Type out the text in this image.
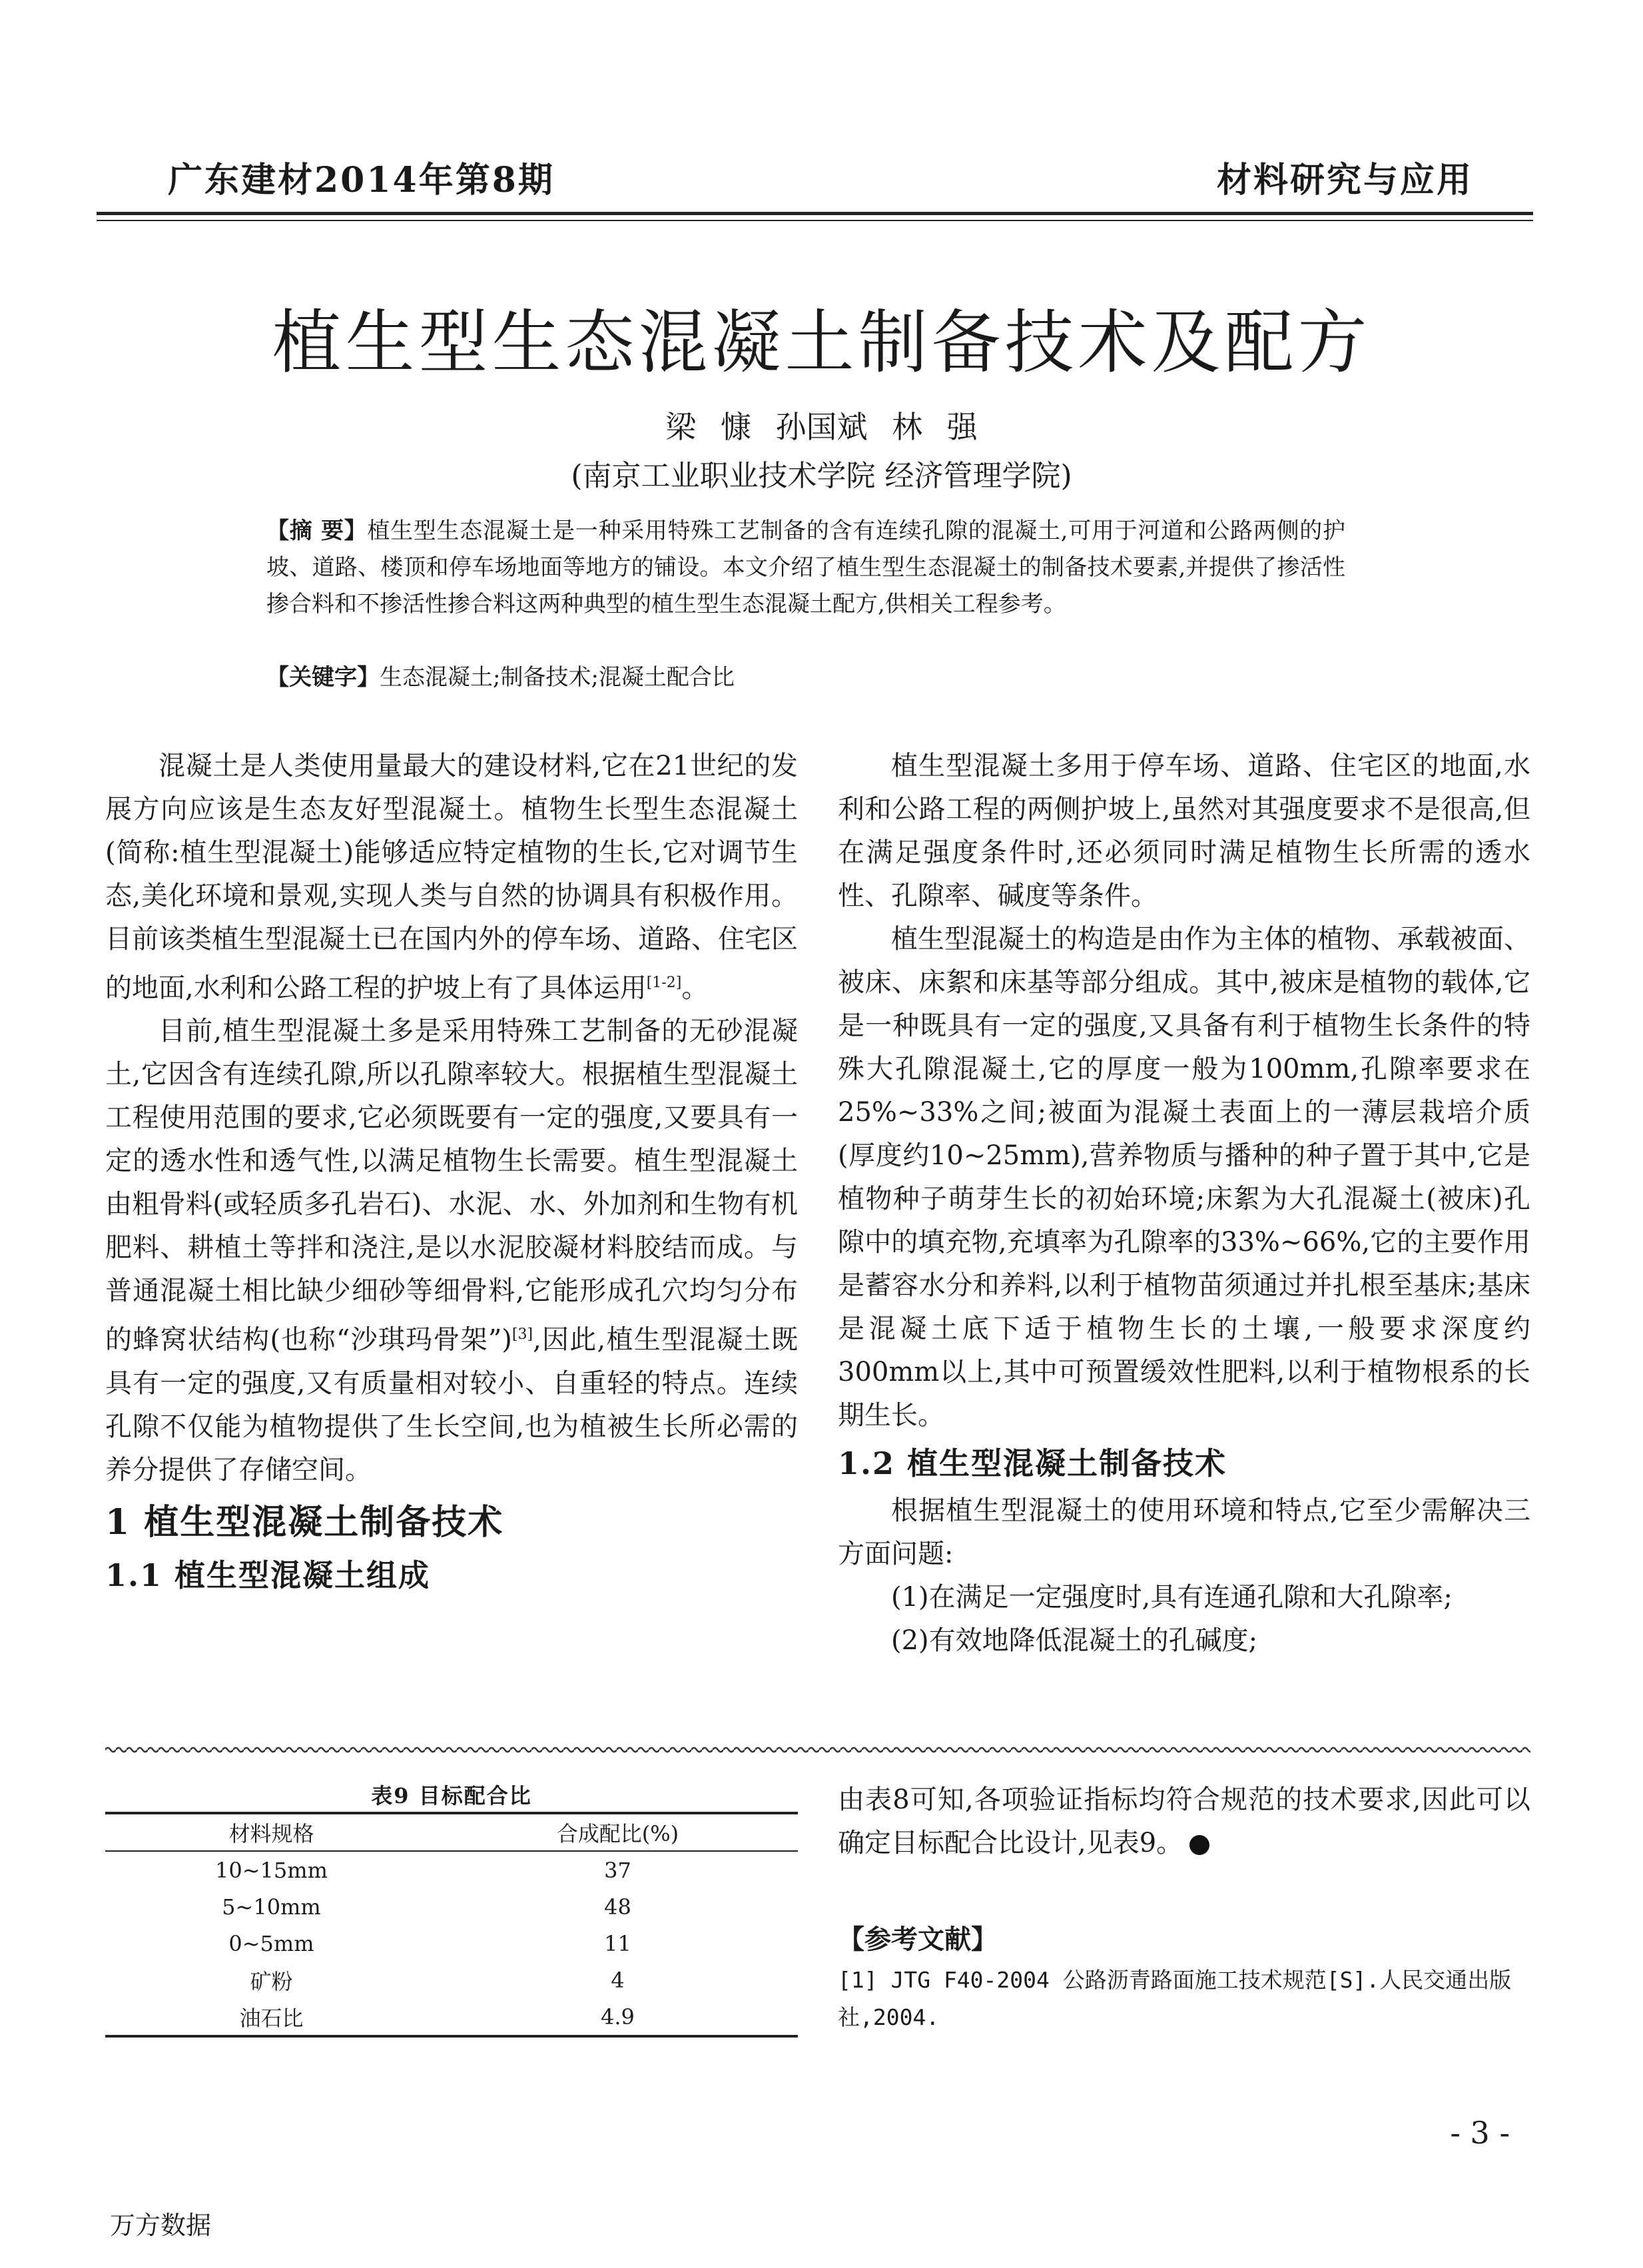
广东建材2014年第8期	材料研究与应用
植生型生态混凝土制备技术及配方
梁 慷 孙国斌 林 强
(南京工业职业技术学院 经济管理学院)
【摘 要】植生型生态混凝土是一种采用特殊工艺制备的含有连续孔隙的混凝土,可用于河道和公路两侧的护坡、道路、楼顶和停车场地面等地方的铺设。本文介绍了植生型生态混凝土的制备技术要素,并提供了掺活性掺合料和不掺活性掺合料这两种典型的植生型生态混凝土配方,供相关工程参考。
【关键字】生态混凝土;制备技术;混凝土配合比

混凝土是人类使用量最大的建设材料,它在21世纪的发展方向应该是生态友好型混凝土。植物生长型生态混凝土(简称:植生型混凝土)能够适应特定植物的生长,它对调节生态,美化环境和景观,实现人类与自然的协调具有积极作用。目前该类植生型混凝土已在国内外的停车场、道路、住宅区的地面,水利和公路工程的护坡上有了具体运用[1-2]。

目前,植生型混凝土多是采用特殊工艺制备的无砂混凝土,它因含有连续孔隙,所以孔隙率较大。根据植生型混凝土工程使用范围的要求,它必须既要有一定的强度,又要具有一定的透水性和透气性,以满足植物生长需要。植生型混凝土由粗骨料(或轻质多孔岩石)、水泥、水、外加剂和生物有机肥料、耕植土等拌和浇注,是以水泥胶凝材料胶结而成。与普通混凝土相比缺少细砂等细骨料,它能形成孔穴均匀分布的蜂窝状结构(也称“沙琪玛骨架”)[3],因此,植生型混凝土既具有一定的强度,又有质量相对较小、自重轻的特点。连续孔隙不仅能为植物提供了生长空间,也为植被生长所必需的养分提供了存储空间。

1 植生型混凝土制备技术
1.1 植生型混凝土组成

植生型混凝土多用于停车场、道路、住宅区的地面,水利和公路工程的两侧护坡上,虽然对其强度要求不是很高,但在满足强度条件时,还必须同时满足植物生长所需的透水性、孔隙率、碱度等条件。

植生型混凝土的构造是由作为主体的植物、承载被面、被床、床絮和床基等部分组成。其中,被床是植物的载体,它是一种既具有一定的强度,又具备有利于植物生长条件的特殊大孔隙混凝土,它的厚度一般为100mm,孔隙率要求在25%~33%之间;被面为混凝土表面上的一薄层栽培介质(厚度约10~25mm),营养物质与播种的种子置于其中,它是植物种子萌芽生长的初始环境;床絮为大孔混凝土(被床)孔隙中的填充物,充填率为孔隙率的33%~66%,它的主要作用是蓄容水分和养料,以利于植物苗须通过并扎根至基床;基床是混凝土底下适于植物生长的土壤,一般要求深度约300mm以上,其中可预置缓效性肥料,以利于植物根系的长期生长。

1.2 植生型混凝土制备技术

根据植生型混凝土的使用环境和特点,它至少需解决三方面问题:

(1)在满足一定强度时,具有连通孔隙和大孔隙率;

(2)有效地降低混凝土的孔碱度;

表9 目标配合比
材料规格	合成配比(%)
10~15mm	37
5~10mm	48
0~5mm	11
矿粉	4
油石比	4.9

由表8可知,各项验证指标均符合规范的技术要求,因此可以确定目标配合比设计,见表9。

【参考文献】

[1] JTG F40-2004 公路沥青路面施工技术规范[S].人民交通出版社,2004.

- 3 -
万方数据
